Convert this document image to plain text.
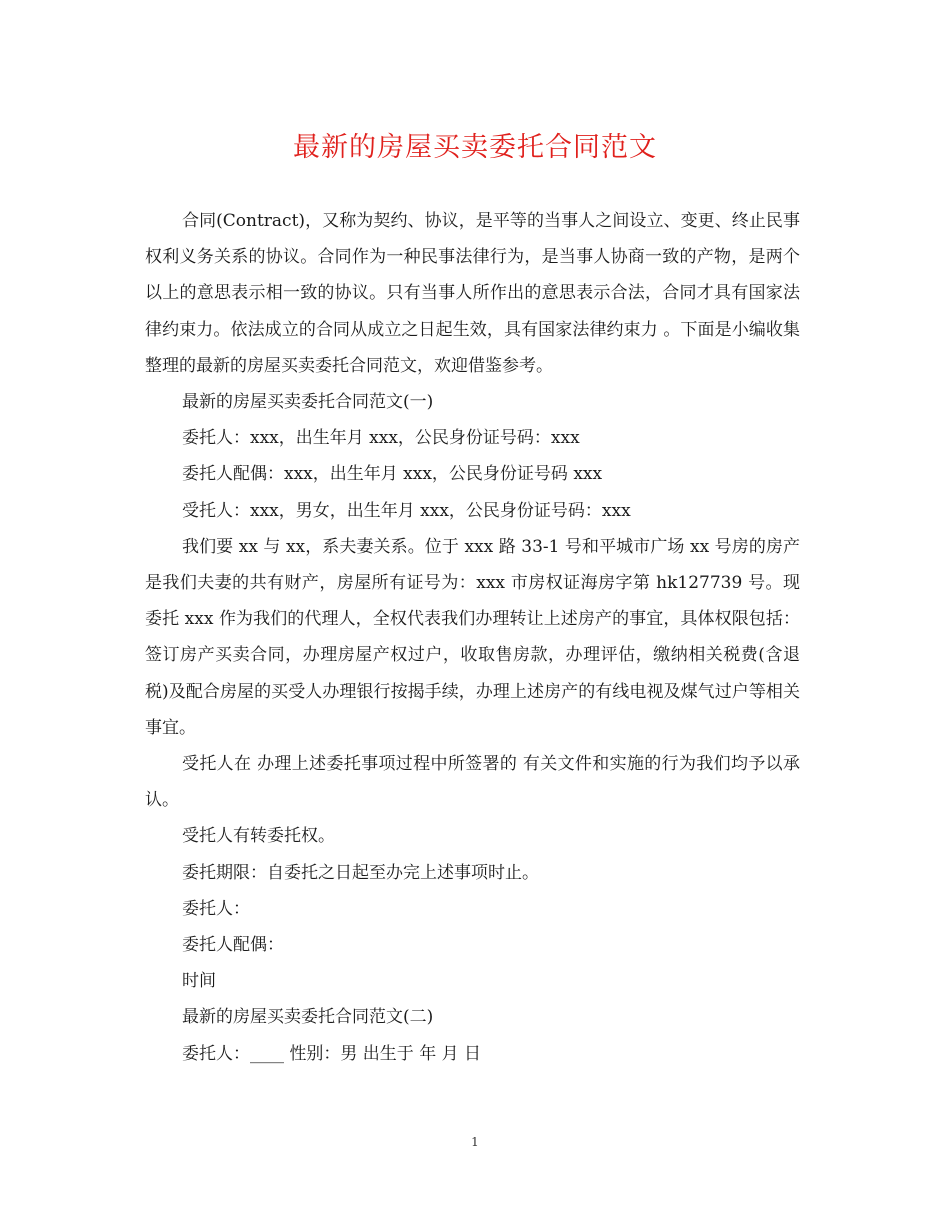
最新的房屋买卖委托合同范文

合同(Contract)，又称为契约、协议，是平等的当事人之间设立、变更、终止民事权利义务关系的协议。合同作为一种民事法律行为，是当事人协商一致的产物，是两个以上的意思表示相一致的协议。只有当事人所作出的意思表示合法，合同才具有国家法律约束力。依法成立的合同从成立之日起生效，具有国家法律约束力 。下面是小编收集整理的最新的房屋买卖委托合同范文，欢迎借鉴参考。

最新的房屋买卖委托合同范文(一)

委托人：xxx，出生年月 xxx，公民身份证号码：xxx

委托人配偶：xxx，出生年月 xxx，公民身份证号码 xxx

受托人：xxx，男女，出生年月 xxx，公民身份证号码：xxx

我们要 xx 与 xx，系夫妻关系。位于 xxx 路 33-1 号和平城市广场 xx 号房的房产是我们夫妻的共有财产，房屋所有证号为：xxx 市房权证海房字第 hk127739 号。现委托 xxx 作为我们的代理人，全权代表我们办理转让上述房产的事宜，具体权限包括：签订房产买卖合同，办理房屋产权过户，收取售房款，办理评估，缴纳相关税费(含退税)及配合房屋的买受人办理银行按揭手续，办理上述房产的有线电视及煤气过户等相关事宜。

受托人在 办理上述委托事项过程中所签署的 有关文件和实施的行为我们均予以承认。

受托人有转委托权。

委托期限：自委托之日起至办完上述事项时止。

委托人：

委托人配偶：

时间

最新的房屋买卖委托合同范文(二)

委托人：____ 性别：男 出生于 年 月 日

1
